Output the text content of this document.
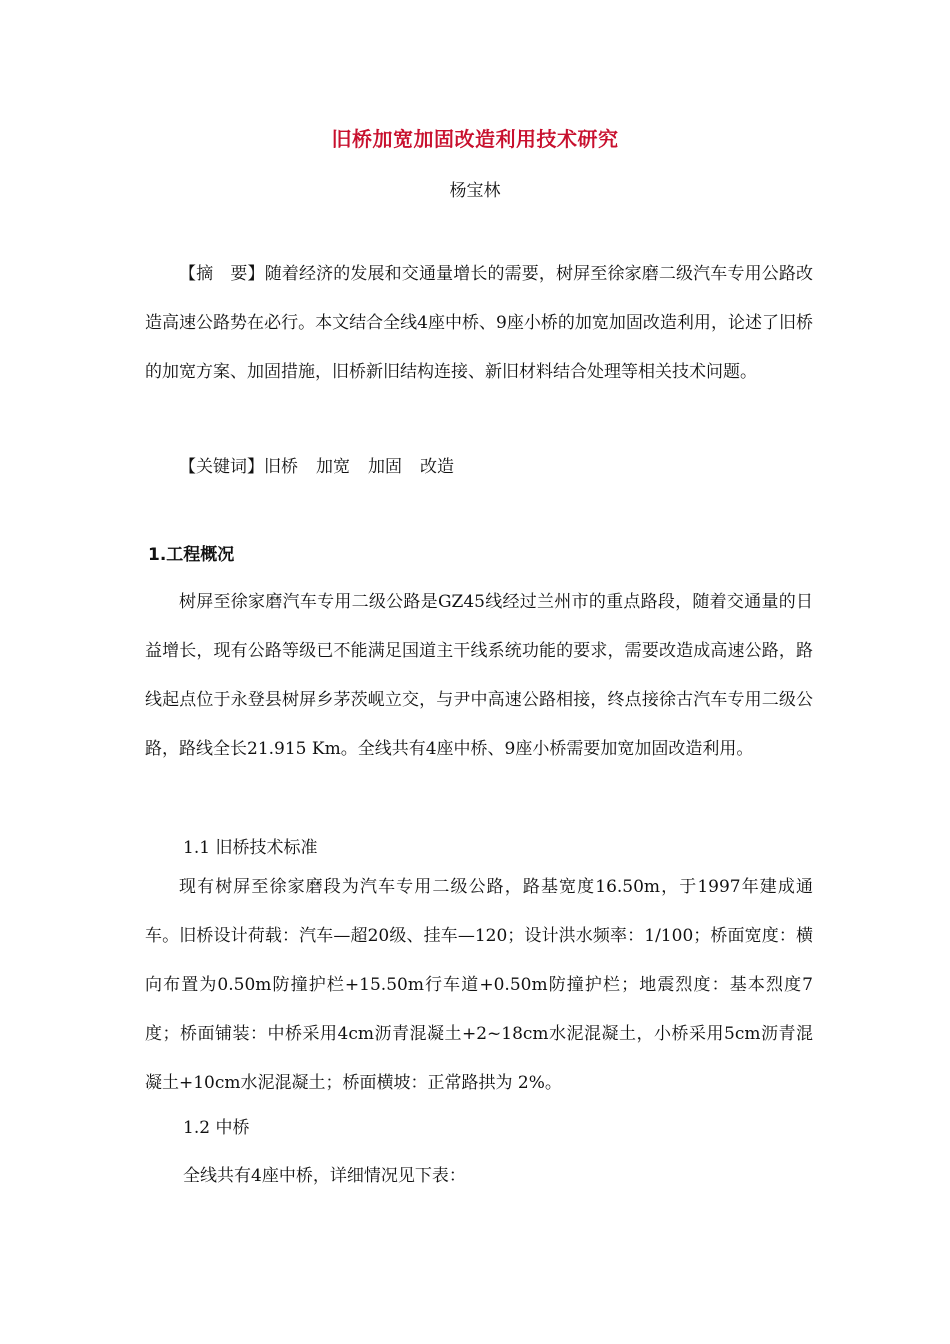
旧桥加宽加固改造利用技术研究
杨宝林

【摘　要】随着经济的发展和交通量增长的需要，树屏至徐家磨二级汽车专用公路改造高速公路势在必行。本文结合全线4座中桥、9座小桥的加宽加固改造利用，论述了旧桥的加宽方案、加固措施，旧桥新旧结构连接、新旧材料结合处理等相关技术问题。

【关键词】旧桥 加宽 加固 改造
1.工程概况

树屏至徐家磨汽车专用二级公路是GZ45线经过兰州市的重点路段，随着交通量的日益增长，现有公路等级已不能满足国道主干线系统功能的要求，需要改造成高速公路，路线起点位于永登县树屏乡茅茨岘立交，与尹中高速公路相接，终点接徐古汽车专用二级公路，路线全长21.915 Km。全线共有4座中桥、9座小桥需要加宽加固改造利用。

1.1 旧桥技术标准

现有树屏至徐家磨段为汽车专用二级公路，路基宽度16.50m，于1997年建成通车。旧桥设计荷载：汽车—超20级、挂车—120；设计洪水频率：1/100；桥面宽度：横向布置为0.50m防撞护栏+15.50m行车道+0.50m防撞护栏；地震烈度：基本烈度7度；桥面铺装：中桥采用4cm沥青混凝土+2~18cm水泥混凝土，小桥采用5cm沥青混凝土+10cm水泥混凝土；桥面横坡：正常路拱为 2%。

1.2 中桥
全线共有4座中桥，详细情况见下表：
